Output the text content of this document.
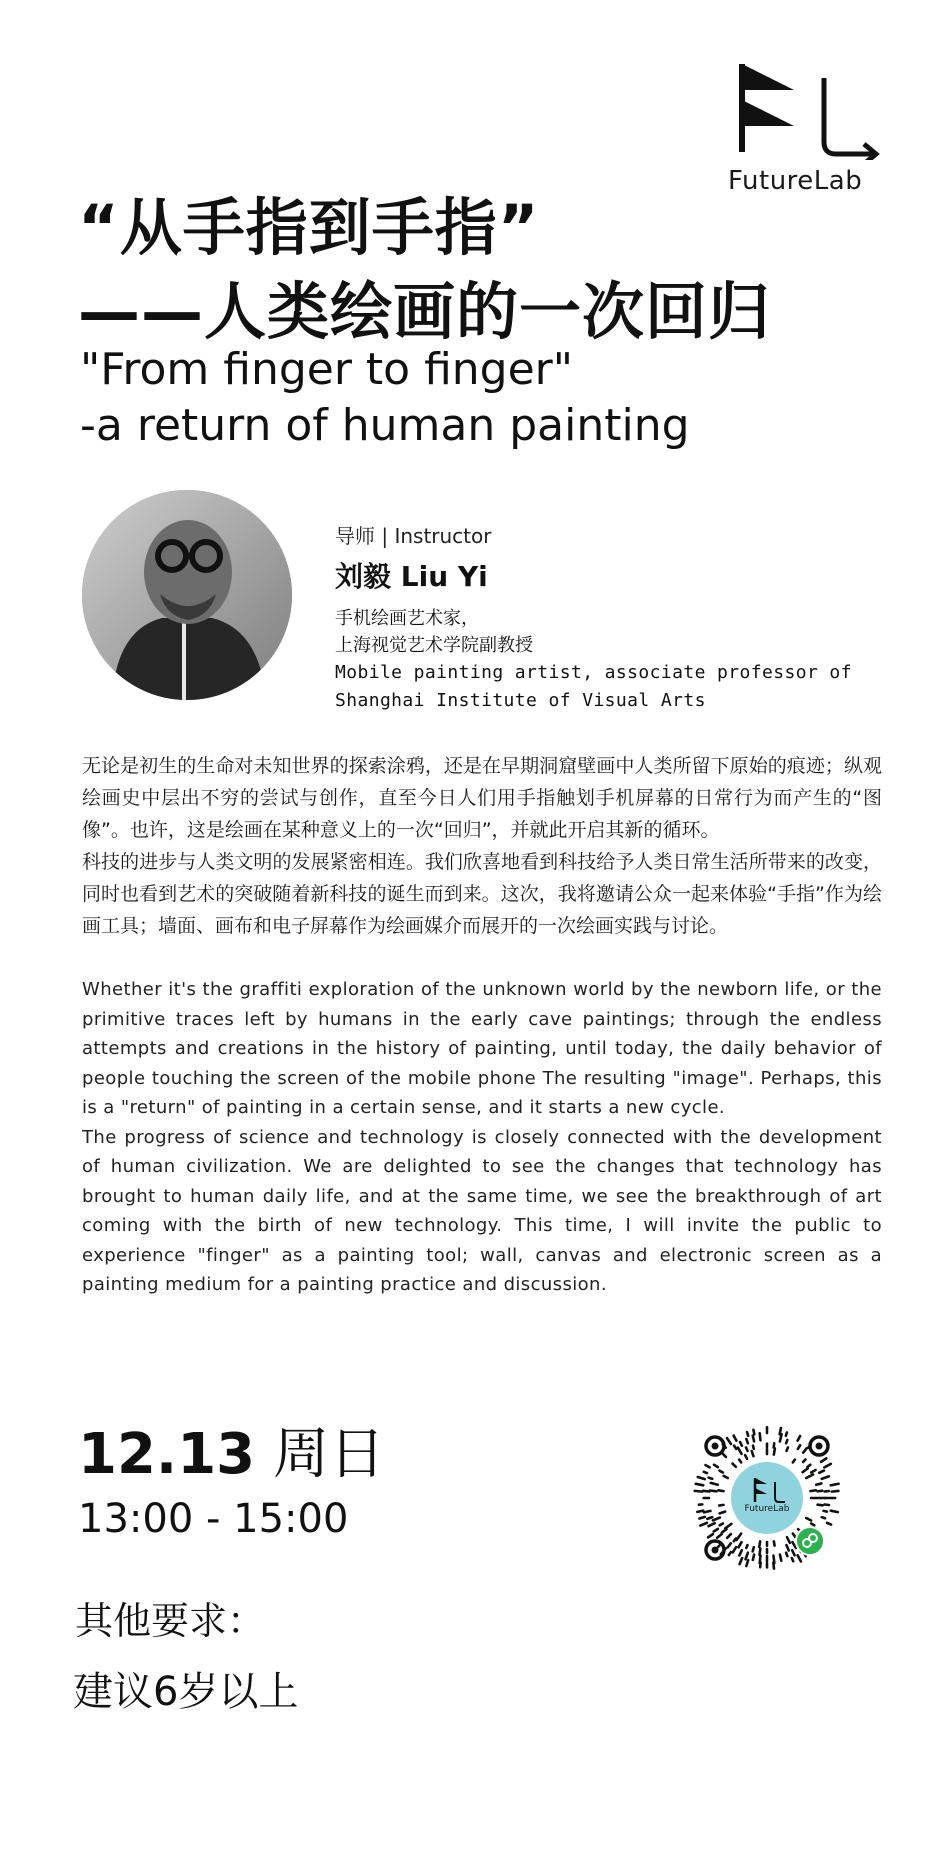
FutureLab
“从手指到手指”
——人类绘画的一次回归
"From finger to finger"
-a return of human painting
导师 | Instructor
刘毅 Liu Yi
手机绘画艺术家，
上海视觉艺术学院副教授
Mobile painting artist, associate professor of
Shanghai Institute of Visual Arts

无论是初生的生命对未知世界的探索涂鸦，还是在早期洞窟壁画中人类所留下原始的痕迹；纵观绘画史中层出不穷的尝试与创作，直至今日人们用手指触划手机屏幕的日常行为而产生的“图像”。也许，这是绘画在某种意义上的一次“回归”，并就此开启其新的循环。

科技的进步与人类文明的发展紧密相连。我们欣喜地看到科技给予人类日常生活所带来的改变，同时也看到艺术的突破随着新科技的诞生而到来。这次，我将邀请公众一起来体验“手指”作为绘画工具；墙面、画布和电子屏幕作为绘画媒介而展开的一次绘画实践与讨论。

Whether it's the graffiti exploration of the unknown world by the newborn life, or the primitive traces left by humans in the early cave paintings; through the endless attempts and creations in the history of painting, until today, the daily behavior of people touching the screen of the mobile phone The resulting "image". Perhaps, this is a "return" of painting in a certain sense, and it starts a new cycle.

The progress of science and technology is closely connected with the development of human civilization. We are delighted to see the changes that technology has brought to human daily life, and at the same time, we see the breakthrough of art coming with the birth of new technology. This time, I will invite the public to experience "finger" as a painting tool; wall, canvas and electronic screen as a painting medium for a painting practice and discussion.

12.13 周日
13:00 - 15:00
其他要求：
建议6岁以上
FutureLab
